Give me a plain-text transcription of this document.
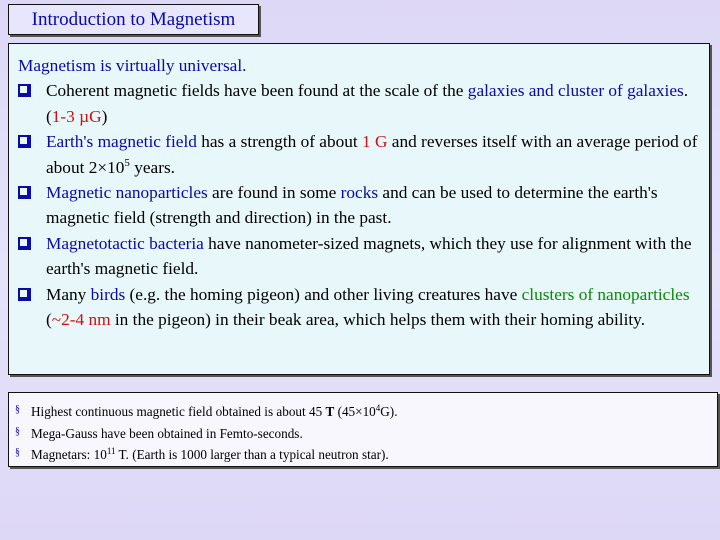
Introduction to Magnetism

Magnetism is virtually universal.

Coherent magnetic fields have been found at the scale of the galaxies and cluster of galaxies. (1-3 µG)
Earth's magnetic field has a strength of about 1 G and reverses itself with an average period of about $2\times 10^5$ years.
Magnetic nanoparticles are found in some rocks and can be used to determine the earth's magnetic field (strength and direction) in the past.
Magnetotactic bacteria have nanometer-sized magnets, which they use for alignment with the earth's magnetic field.
Many birds (e.g. the homing pigeon) and other living creatures have clusters of nanoparticles (~2-4 nm in the pigeon) in their beak area, which helps them with their homing ability.
§ Highest continuous magnetic field obtained is about 45 T $(45\times 10^4G)$.
§ Mega-Gauss have been obtained in Femto-seconds.
§ Magnetars: $10^{11}$ T. (Earth is 1000 larger than a typical neutron star).
